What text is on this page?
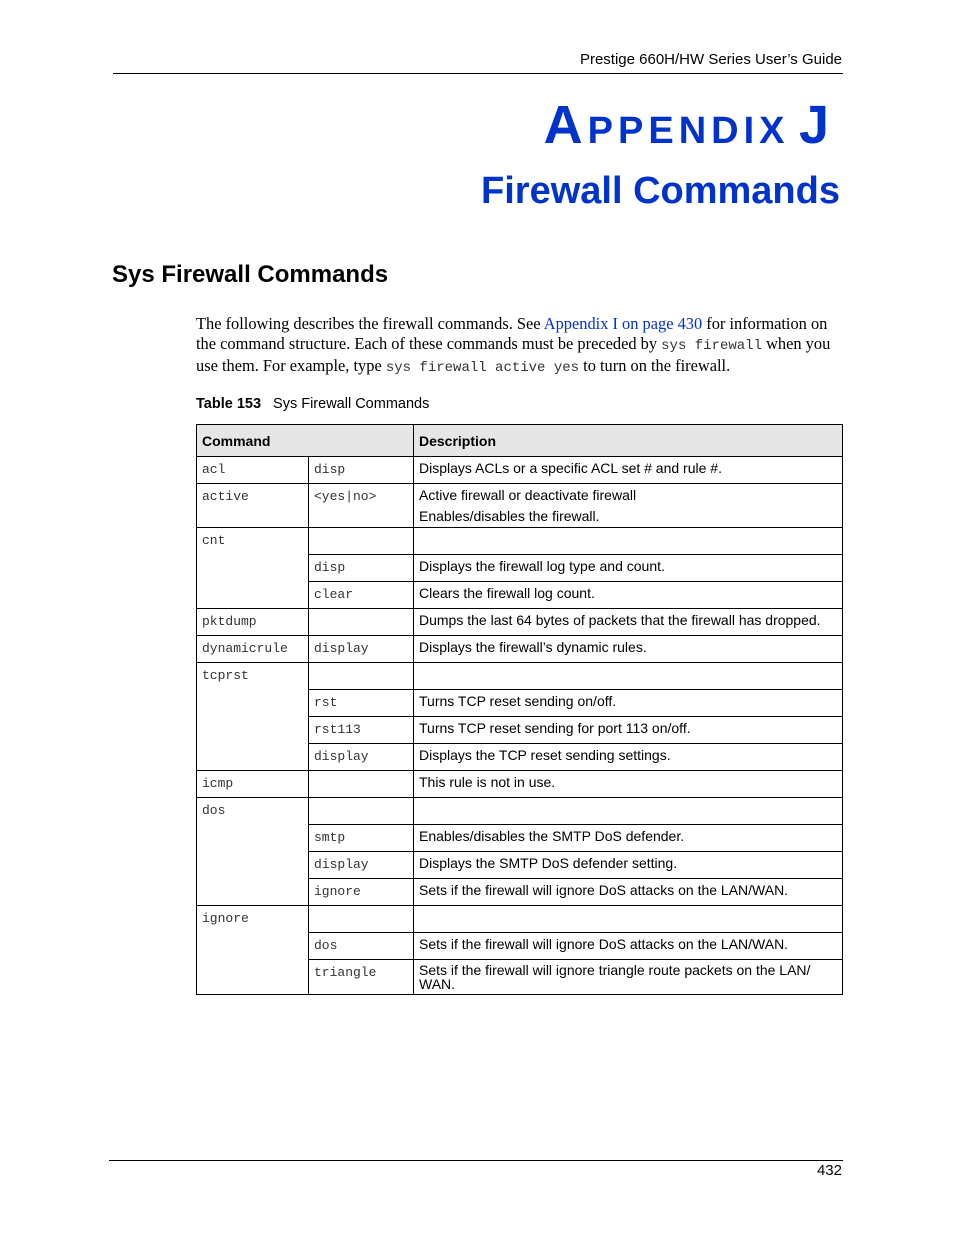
Prestige 660H/HW Series User’s Guide
APPENDIX J
Firewall Commands
Sys Firewall Commands
The following describes the firewall commands. See Appendix I on page 430 for information on the command structure. Each of these commands must be preceded by sys firewall when you use them. For example, type sys firewall active yes to turn on the firewall.
Table 153 Sys Firewall Commands
Command		Description
acl	disp	Displays ACLs or a specific ACL set # and rule #.
active	<yes|no>	Active firewall or deactivate firewall
Enables/disables the firewall.

cnt		
	disp	Displays the firewall log type and count.
	clear	Clears the firewall log count.
pktdump		Dumps the last 64 bytes of packets that the firewall has dropped.
dynamicrule	display	Displays the firewall’s dynamic rules.
tcprst		
	rst	Turns TCP reset sending on/off.
	rst113	Turns TCP reset sending for port 113 on/off.
	display	Displays the TCP reset sending settings.
icmp		This rule is not in use.
dos		
	smtp	Enables/disables the SMTP DoS defender.
	display	Displays the SMTP DoS defender setting.
	ignore	Sets if the firewall will ignore DoS attacks on the LAN/WAN.
ignore		
	dos	Sets if the firewall will ignore DoS attacks on the LAN/WAN.
	triangle	Sets if the firewall will ignore triangle route packets on the LAN/
WAN.
432
